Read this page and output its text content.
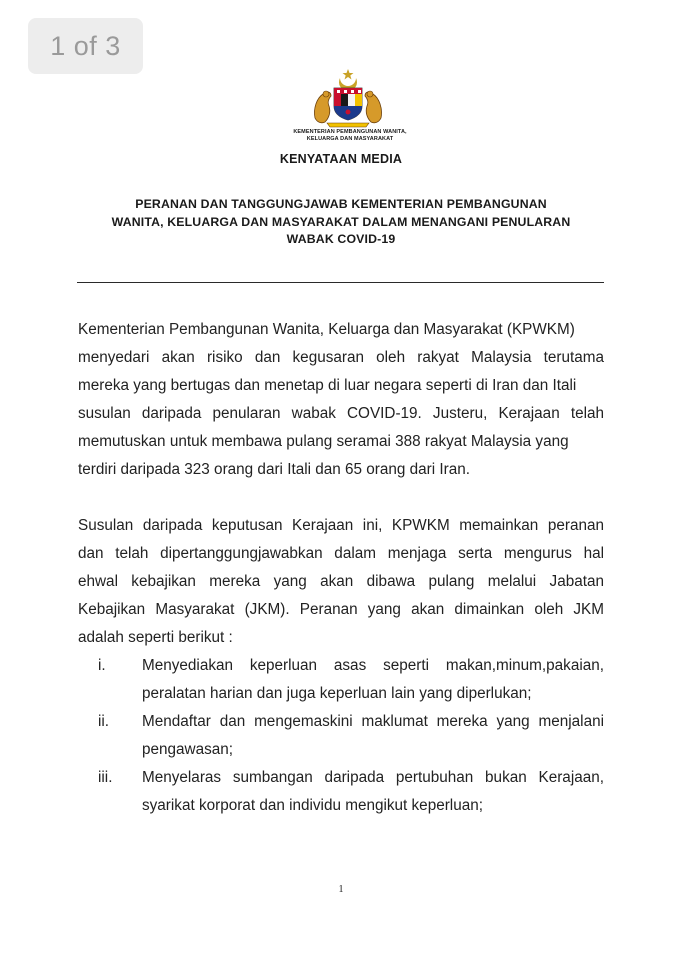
1 of 3
KEMENTERIAN PEMBANGUNAN WANITA,
KELUARGA DAN MASYARAKAT
KENYATAAN MEDIA
PERANAN DAN TANGGUNGJAWAB KEMENTERIAN PEMBANGUNAN
WANITA, KELUARGA DAN MASYARAKAT DALAM MENANGANI PENULARAN
WABAK COVID-19
Kementerian Pembangunan Wanita, Keluarga dan Masyarakat (KPWKM)
menyedari akan risiko dan kegusaran oleh rakyat Malaysia terutama
mereka yang bertugas dan menetap di luar negara seperti di Iran dan Itali
susulan daripada penularan wabak COVID-19. Justeru, Kerajaan telah
memutuskan untuk membawa pulang seramai 388 rakyat Malaysia yang
terdiri daripada 323 orang dari Itali dan 65 orang dari Iran.
Susulan daripada keputusan Kerajaan ini, KPWKM memainkan peranan
dan telah dipertanggungjawabkan dalam menjaga serta mengurus hal
ehwal kebajikan mereka yang akan dibawa pulang melalui Jabatan
Kebajikan Masyarakat (JKM). Peranan yang akan dimainkan oleh JKM
adalah seperti berikut :
i. Menyediakan keperluan asas seperti makan,minum,pakaian,
peralatan harian dan juga keperluan lain yang diperlukan;
ii. Mendaftar dan mengemaskini maklumat mereka yang menjalani
pengawasan;
iii. Menyelaras sumbangan daripada pertubuhan bukan Kerajaan,
syarikat korporat dan individu mengikut keperluan;
1
